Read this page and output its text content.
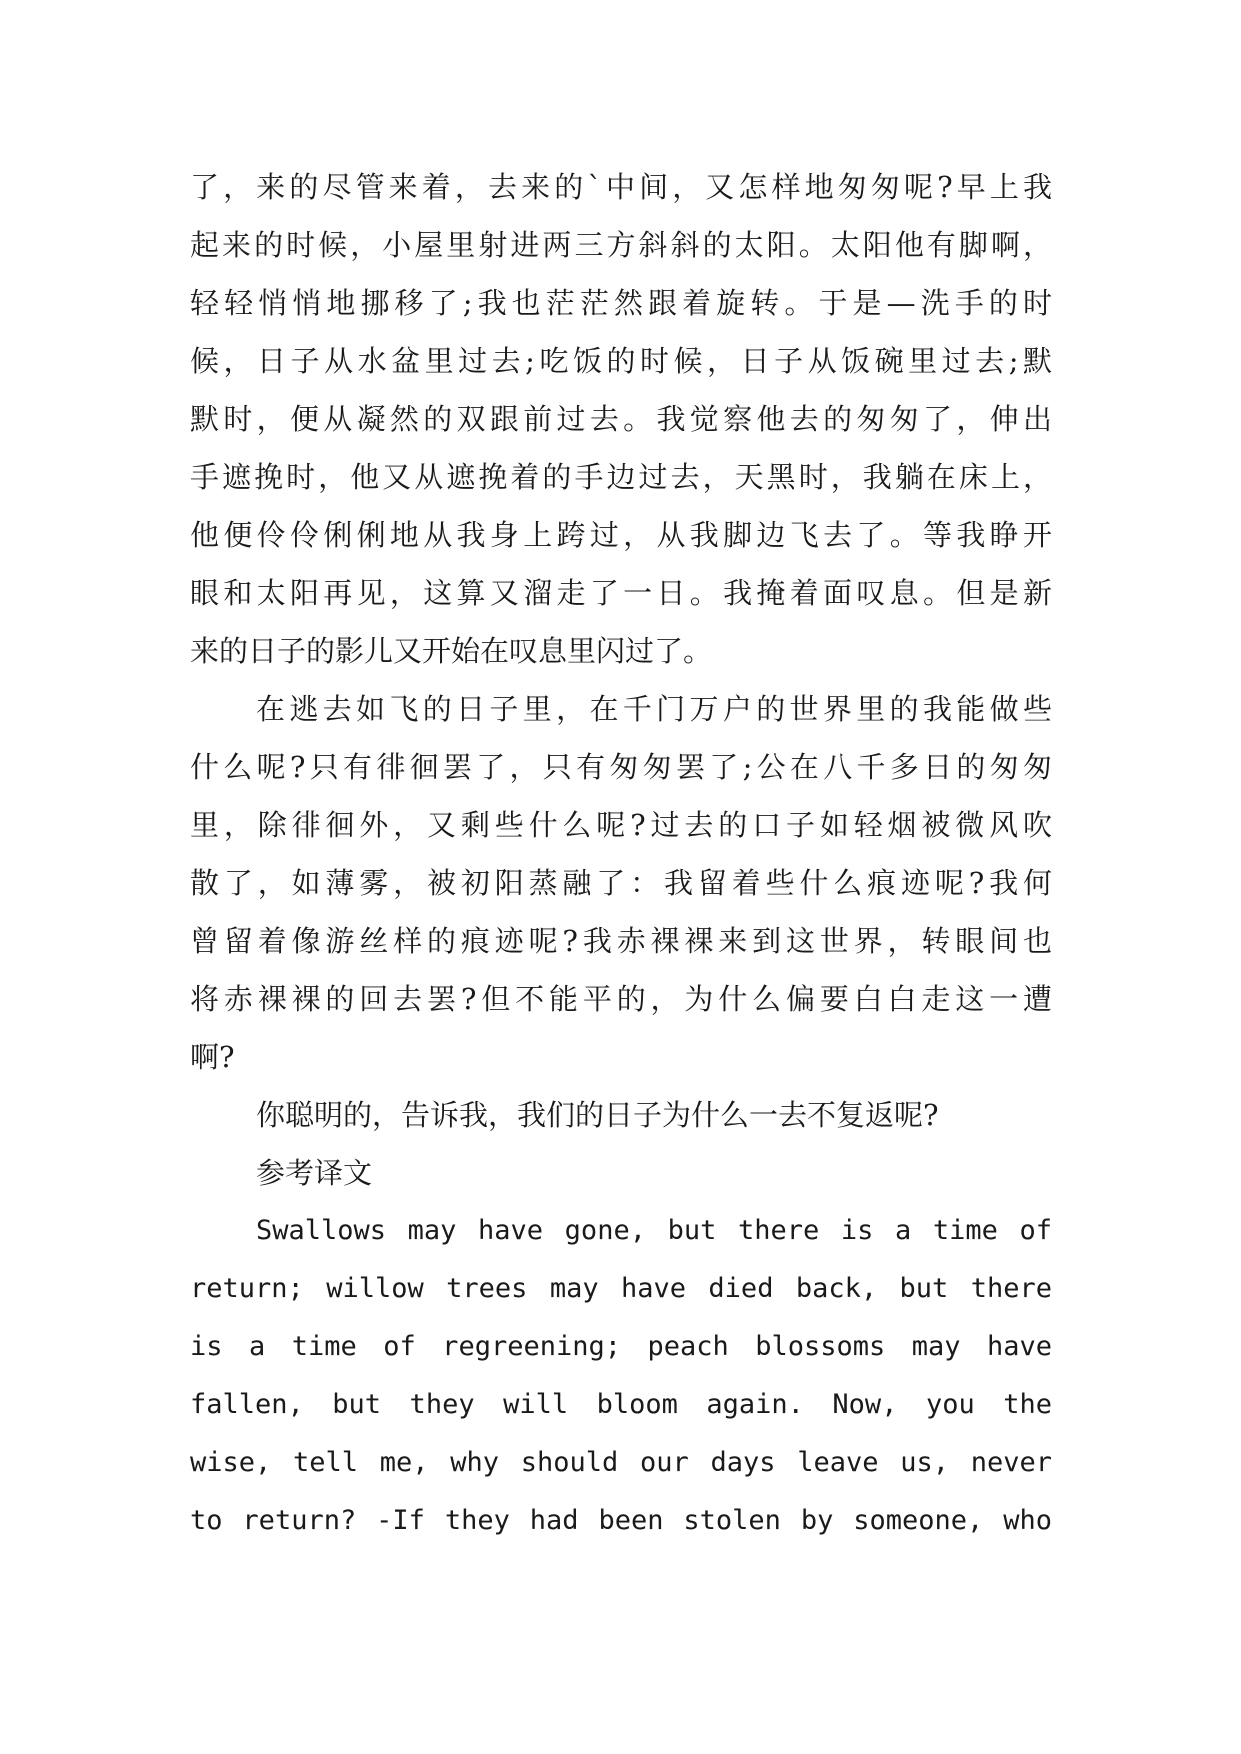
了，来的尽管来着，去来的`中间，又怎样地匆匆呢?早上我
起来的时候，小屋里射进两三方斜斜的太阳。太阳他有脚啊，
轻轻悄悄地挪移了;我也茫茫然跟着旋转。于是—洗手的时
候，日子从水盆里过去;吃饭的时候，日子从饭碗里过去;默
默时，便从凝然的双跟前过去。我觉察他去的匆匆了，伸出
手遮挽时，他又从遮挽着的手边过去，天黑时，我躺在床上，
他便伶伶俐俐地从我身上跨过，从我脚边飞去了。等我睁开
眼和太阳再见，这算又溜走了一日。我掩着面叹息。但是新
来的日子的影儿又开始在叹息里闪过了。
在逃去如飞的日子里，在千门万户的世界里的我能做些
什么呢?只有徘徊罢了，只有匆匆罢了;公在八千多日的匆匆
里，除徘徊外，又剩些什么呢?过去的口子如轻烟被微风吹
散了，如薄雾，被初阳蒸融了：我留着些什么痕迹呢?我何
曾留着像游丝样的痕迹呢?我赤裸裸来到这世界，转眼间也
将赤裸裸的回去罢?但不能平的，为什么偏要白白走这一遭
啊?
你聪明的，告诉我，我们的日子为什么一去不复返呢?
参考译文
Swallows may have gone, but there is a time of
return; willow trees may have died back, but there
is a time of regreening; peach blossoms may have
fallen, but they will bloom again. Now, you the
wise, tell me, why should our days leave us, never
to return? -If they had been stolen by someone, who
